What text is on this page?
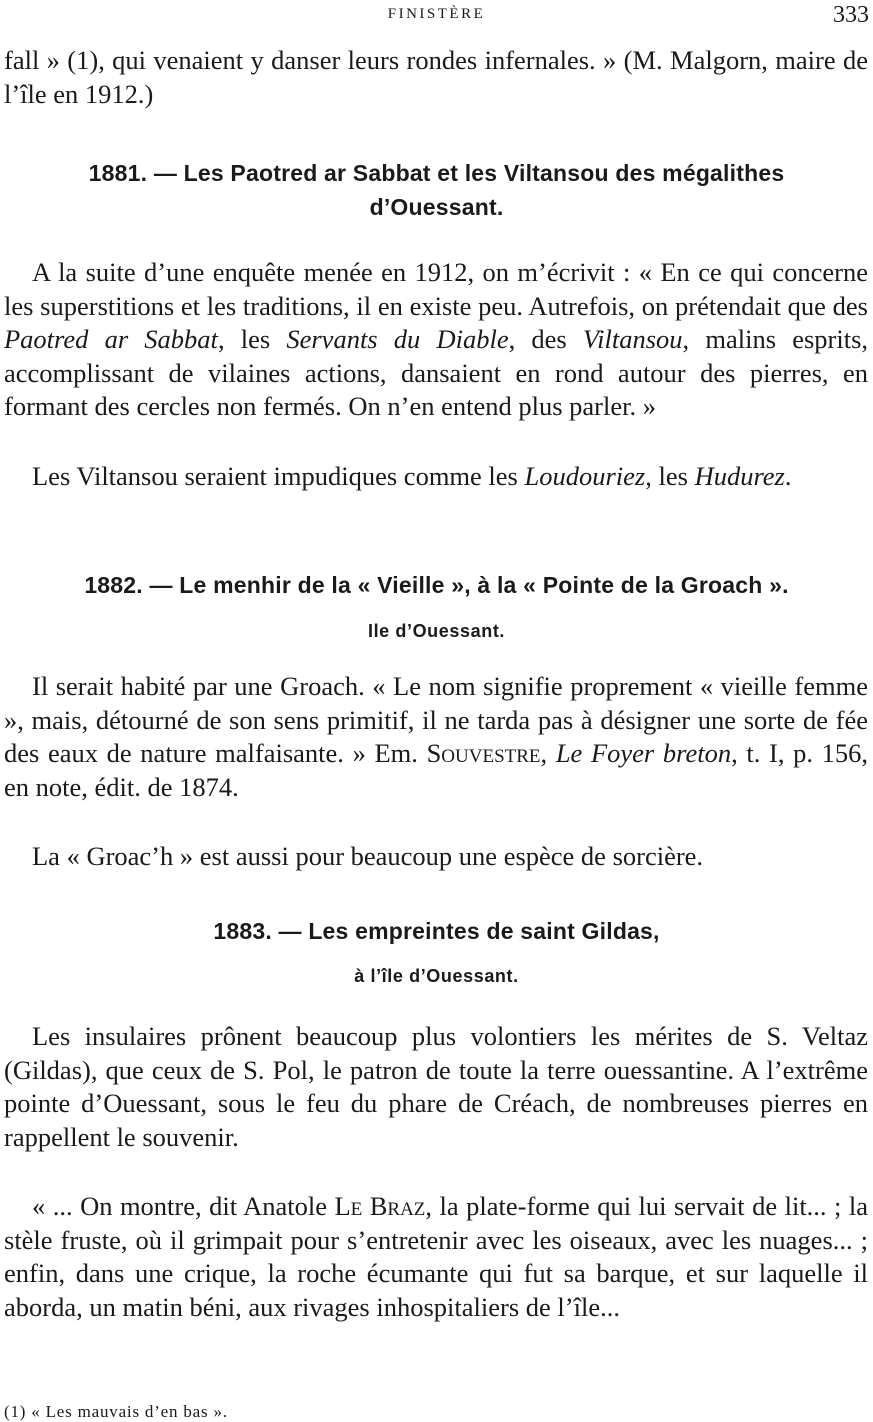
FINISTÈRE	333

fall » (1), qui venaient y danser leurs rondes infernales. » (M. Malgorn, maire de l’île en 1912.)

1881. — Les Paotred ar Sabbat et les Viltansou des mégalithes
d’Ouessant.

A la suite d’une enquête menée en 1912, on m’écrivit : « En ce qui concerne les superstitions et les traditions, il en existe peu. Autrefois, on prétendait que des Paotred ar Sabbat, les Servants du Diable, des Viltansou, malins esprits, accomplissant de vilaines actions, dansaient en rond autour des pierres, en formant des cercles non fermés. On n’en entend plus parler. »

Les Viltansou seraient impudiques comme les Loudouriez, les Hudurez.

1882. — Le menhir de la « Vieille », à la « Pointe de la Groach ».
Ile d’Ouessant.

Il serait habité par une Groach. « Le nom signifie proprement « vieille femme », mais, détourné de son sens primitif, il ne tarda pas à désigner une sorte de fée des eaux de nature malfaisante. » Em. Souvestre, Le Foyer breton, t. I, p. 156, en note, édit. de 1874.

La « Groac’h » est aussi pour beaucoup une espèce de sorcière.

1883. — Les empreintes de saint Gildas,
à l’île d’Ouessant.

Les insulaires prônent beaucoup plus volontiers les mérites de S. Veltaz (Gildas), que ceux de S. Pol, le patron de toute la terre ouessantine. A l’extrême pointe d’Ouessant, sous le feu du phare de Créach, de nombreuses pierres en rappellent le souvenir.

« ... On montre, dit Anatole Le Braz, la plate-forme qui lui servait de lit... ; la stèle fruste, où il grimpait pour s’entretenir avec les oiseaux, avec les nuages... ; enfin, dans une crique, la roche écumante qui fut sa barque, et sur laquelle il aborda, un matin béni, aux rivages inhospitaliers de l’île...

(1) « Les mauvais d’en bas ».
